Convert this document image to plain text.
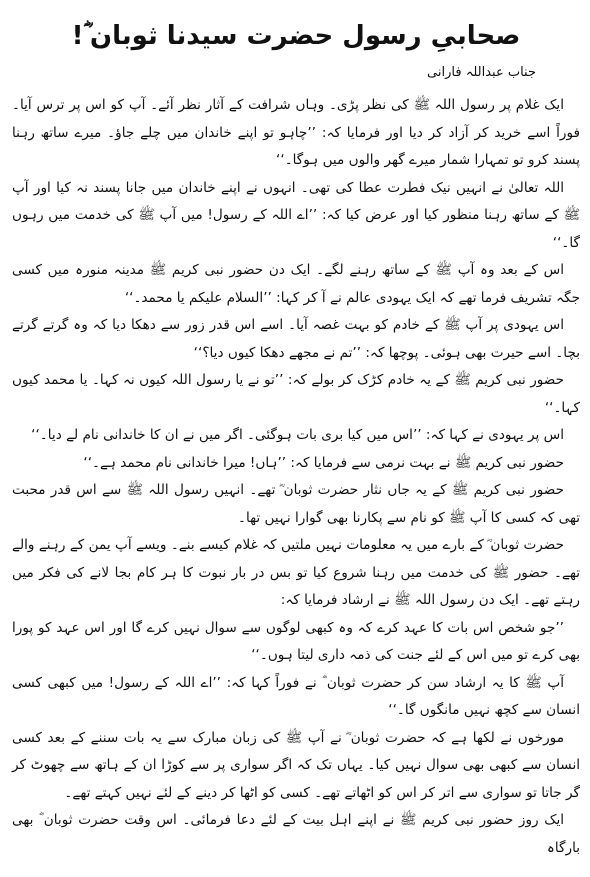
صحابیِ رسول حضرت سیدنا ثوبان ؓ!
جناب عبداللہ فارانی

ایک غلام پر رسول اللہ ﷺ کی نظر پڑی۔ وہاں شرافت کے آثار نظر آئے۔ آپ کو اس پر ترس آیا۔ فوراً اسے خرید کر آزاد کر دیا اور فرمایا کہ: ’’چاہو تو اپنے خاندان میں چلے جاؤ۔ میرے ساتھ رہنا پسند کرو تو تمہارا شمار میرے گھر والوں میں ہوگا۔‘‘

اللہ تعالیٰ نے انہیں نیک فطرت عطا کی تھی۔ انہوں نے اپنے خاندان میں جانا پسند نہ کیا اور آپ ﷺ کے ساتھ رہنا منظور کیا اور عرض کیا کہ: ’’اے اللہ کے رسول! میں آپ ﷺ کی خدمت میں رہوں گا۔‘‘

اس کے بعد وہ آپ ﷺ کے ساتھ رہنے لگے۔ ایک دن حضور نبی کریم ﷺ مدینہ منورہ میں کسی جگہ تشریف فرما تھے کہ ایک یہودی عالم نے آ کر کہا: ’’السلام علیکم یا محمد۔‘‘

اس یہودی پر آپ ﷺ کے خادم کو بہت غصہ آیا۔ اسے اس قدر زور سے دھکا دیا کہ وہ گرتے گرتے بچا۔ اسے حیرت بھی ہوئی۔ پوچھا کہ: ’’تم نے مجھے دھکا کیوں دیا؟‘‘

حضور نبی کریم ﷺ کے یہ خادم کڑک کر بولے کہ: ’’تو نے یا رسول اللہ کیوں نہ کہا۔ یا محمد کیوں کہا۔‘‘

اس پر یہودی نے کہا کہ: ’’اس میں کیا بری بات ہوگئی۔ اگر میں نے ان کا خاندانی نام لے دیا۔‘‘

حضور نبی کریم ﷺ نے بہت نرمی سے فرمایا کہ: ’’ہاں! میرا خاندانی نام محمد ہے۔‘‘

حضور نبی کریم ﷺ کے یہ جاں نثار حضرت ثوبان ؓ تھے۔ انہیں رسول اللہ ﷺ سے اس قدر محبت تھی کہ کسی کا آپ ﷺ کو نام سے پکارنا بھی گوارا نہیں تھا۔

حضرت ثوبان ؓ کے بارے میں یہ معلومات نہیں ملتیں کہ غلام کیسے بنے۔ ویسے آپ یمن کے رہنے والے تھے۔ حضور ﷺ کی خدمت میں رہنا شروع کیا تو بس در بار نبوت کا ہر کام بجا لانے کی فکر میں رہتے تھے۔ ایک دن رسول اللہ ﷺ نے ارشاد فرمایا کہ:

’’جو شخص اس بات کا عہد کرے کہ وہ کبھی لوگوں سے سوال نہیں کرے گا اور اس عہد کو پورا بھی کرے تو میں اس کے لئے جنت کی ذمہ داری لیتا ہوں۔‘‘

آپ ﷺ کا یہ ارشاد سن کر حضرت ثوبان ؓ نے فوراً کہا کہ: ’’اے اللہ کے رسول! میں کبھی کسی انسان سے کچھ نہیں مانگوں گا۔‘‘

مورخوں نے لکھا ہے کہ حضرت ثوبان ؓ نے آپ ﷺ کی زبان مبارک سے یہ بات سننے کے بعد کسی انسان سے کبھی بھی سوال نہیں کیا۔ یہاں تک کہ اگر سواری پر سے کوڑا ان کے ہاتھ سے چھوٹ کر گر جاتا تو سواری سے اتر کر اس کو اٹھاتے تھے۔ کسی کو اٹھا کر دینے کے لئے نہیں کہتے تھے۔

ایک روز حضور نبی کریم ﷺ نے اپنے اہل بیت کے لئے دعا فرمائی۔ اس وقت حضرت ثوبان ؓ بھی بارگاہ
